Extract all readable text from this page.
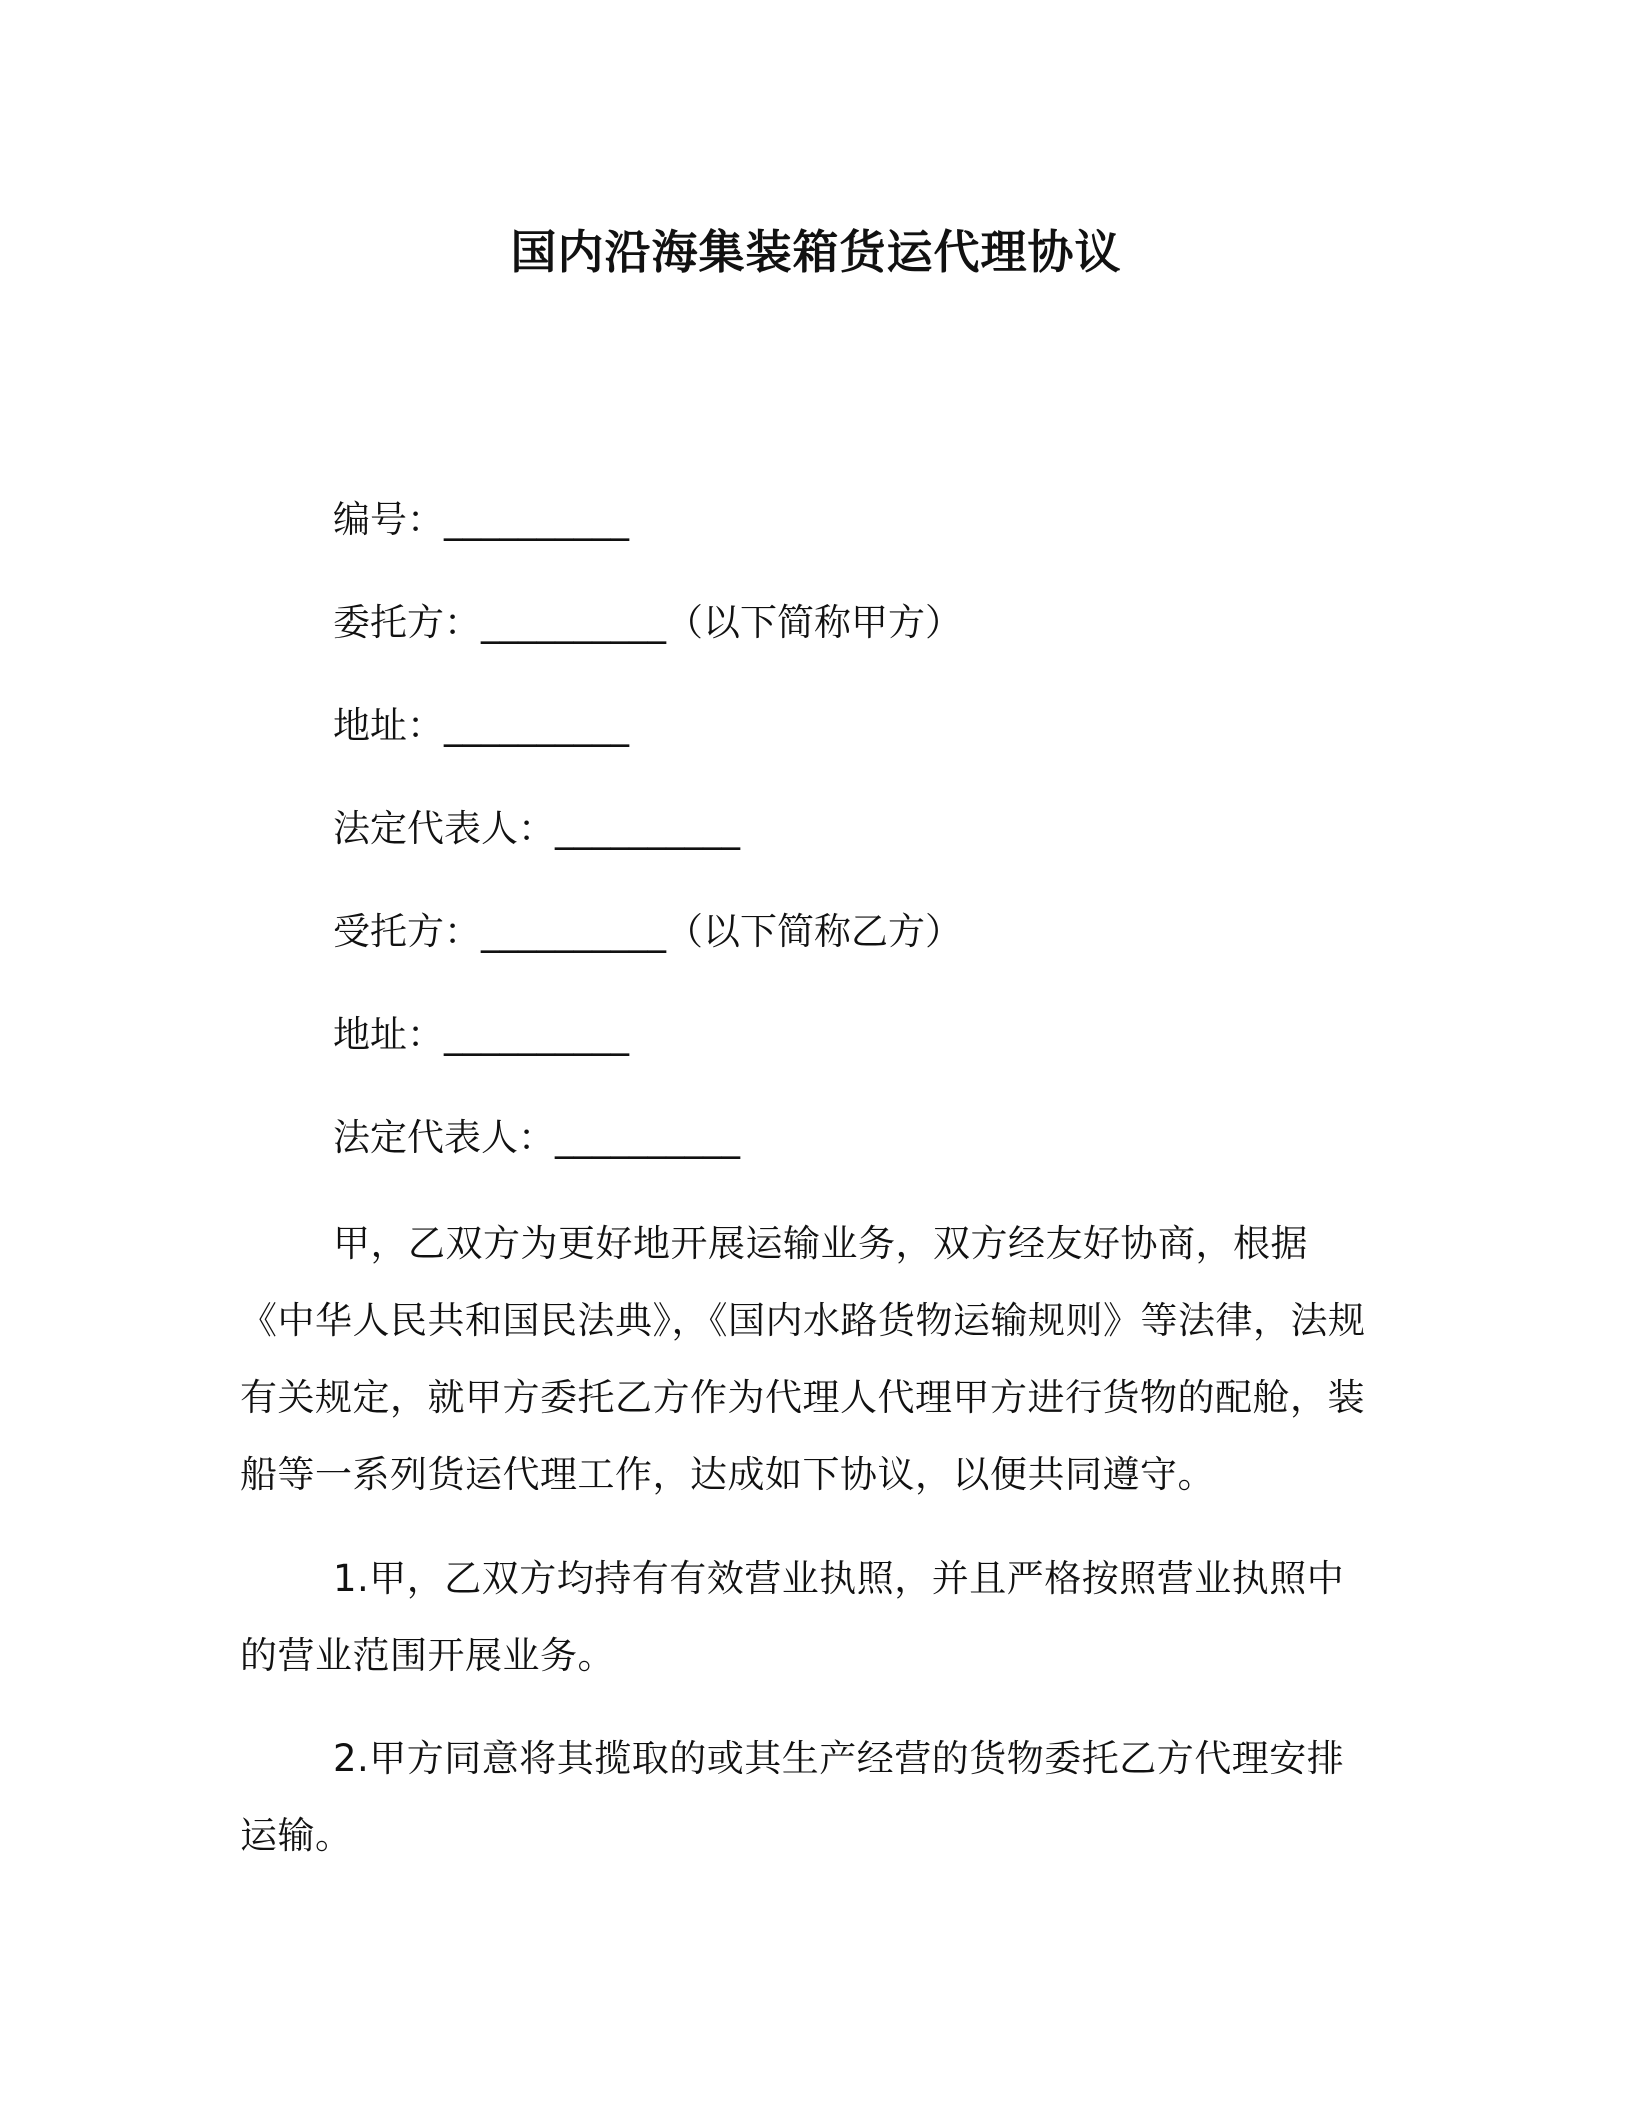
国内沿海集装箱货运代理协议
编号：__________
委托方：__________（以下简称甲方）
地址：__________
法定代表人：__________
受托方：__________（以下简称乙方）
地址：__________
法定代表人：__________
甲，乙双方为更好地开展运输业务，双方经友好协商，根据《中华人民共和国民法典》，《国内水路货物运输规则》等法律，法规有关规定，就甲方委托乙方作为代理人代理甲方进行货物的配舱，装船等一系列货运代理工作，达成如下协议，以便共同遵守。
1.甲，乙双方均持有有效营业执照，并且严格按照营业执照中的营业范围开展业务。
2.甲方同意将其揽取的或其生产经营的货物委托乙方代理安排运输。
